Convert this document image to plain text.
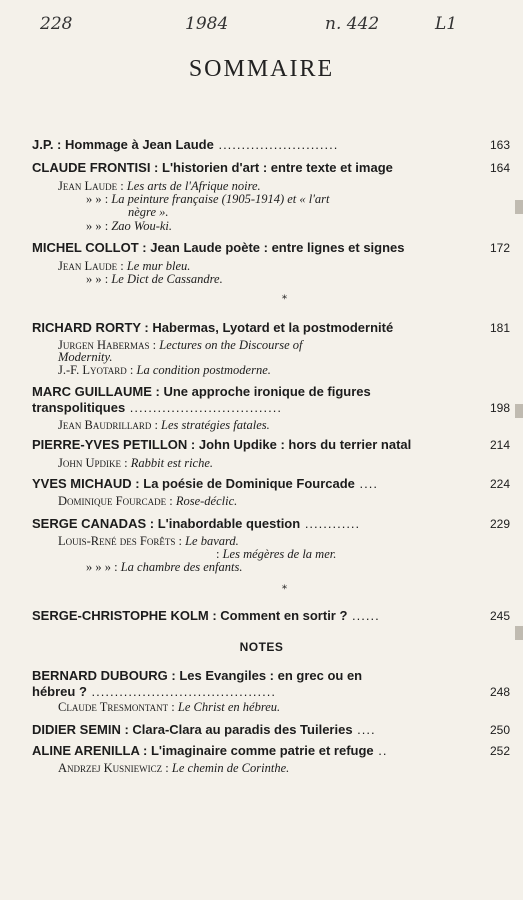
228	1984	n. 442	L1
SOMMAIRE
J.P. : Hommage à Jean Laude ..........................	163
CLAUDE FRONTISI : L'historien d'art : entre texte et image	164
Jean Laude : Les arts de l'Afrique noire.
» » : La peinture française (1905-1914) et « l'art
nègre ».
» » : Zao Wou-ki.
MICHEL COLLOT : Jean Laude poète : entre lignes et signes	172
Jean Laude : Le mur bleu.
» » : Le Dict de Cassandre.
*
RICHARD RORTY : Habermas, Lyotard et la postmodernité	181
Jurgen Habermas : Lectures on the Discourse of
Modernity.
J.-F. Lyotard : La condition postmoderne.
MARC GUILLAUME : Une approche ironique de figures
transpolitiques .................................	198
Jean Baudrillard : Les stratégies fatales.
PIERRE-YVES PETILLON : John Updike : hors du terrier natal	214
John Updike : Rabbit est riche.
YVES MICHAUD : La poésie de Dominique Fourcade ....	224
Dominique Fourcade : Rose-déclic.
SERGE CANADAS : L'inabordable question ............	229
Louis-René des Forêts : Le bavard.
: Les mégères de la mer.
» » » : La chambre des enfants.
*
SERGE-CHRISTOPHE KOLM : Comment en sortir ? ......	245
NOTES
BERNARD DUBOURG : Les Evangiles : en grec ou en
hébreu ? ........................................	248
Claude Tresmontant : Le Christ en hébreu.
DIDIER SEMIN : Clara-Clara au paradis des Tuileries ....	250
ALINE ARENILLA : L'imaginaire comme patrie et refuge ..	252
Andrzej Kusniewicz : Le chemin de Corinthe.
